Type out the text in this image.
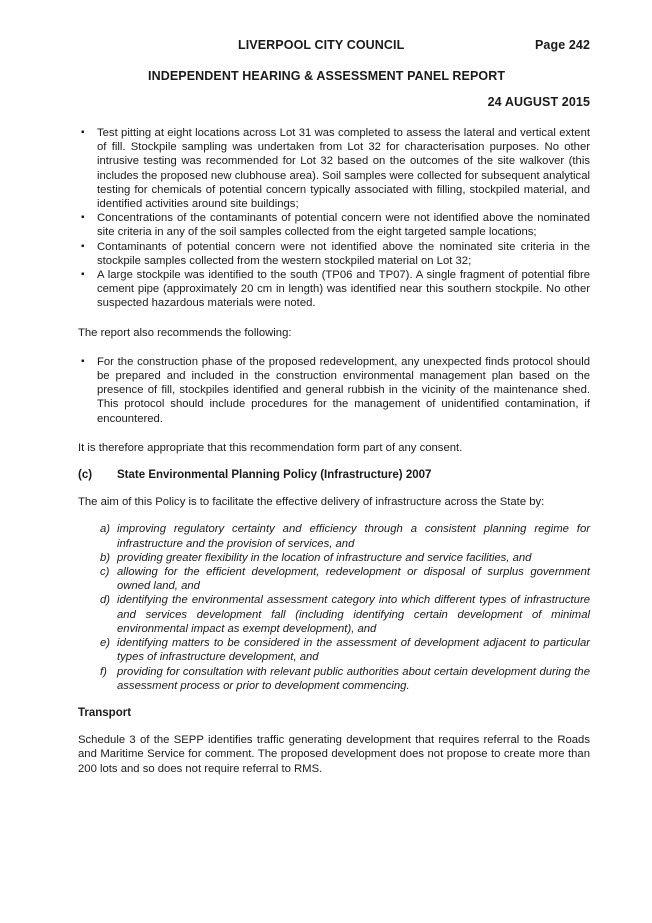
LIVERPOOL CITY COUNCIL	Page 242
INDEPENDENT HEARING & ASSESSMENT PANEL REPORT
24 AUGUST 2015
▪ Test pitting at eight locations across Lot 31 was completed to assess the lateral and vertical extent of fill. Stockpile sampling was undertaken from Lot 32 for characterisation purposes. No other intrusive testing was recommended for Lot 32 based on the outcomes of the site walkover (this includes the proposed new clubhouse area). Soil samples were collected for subsequent analytical testing for chemicals of potential concern typically associated with filling, stockpiled material, and identified activities around site buildings;
▪ Concentrations of the contaminants of potential concern were not identified above the nominated site criteria in any of the soil samples collected from the eight targeted sample locations;
▪ Contaminants of potential concern were not identified above the nominated site criteria in the stockpile samples collected from the western stockpiled material on Lot 32;
▪ A large stockpile was identified to the south (TP06 and TP07). A single fragment of potential fibre cement pipe (approximately 20 cm in length) was identified near this southern stockpile. No other suspected hazardous materials were noted.

The report also recommends the following:

▪ For the construction phase of the proposed redevelopment, any unexpected finds protocol should be prepared and included in the construction environmental management plan based on the presence of fill, stockpiles identified and general rubbish in the vicinity of the maintenance shed. This protocol should include procedures for the management of unidentified contamination, if encountered.

It is therefore appropriate that this recommendation form part of any consent.

(c)	State Environmental Planning Policy (Infrastructure) 2007

The aim of this Policy is to facilitate the effective delivery of infrastructure across the State by:

a) improving regulatory certainty and efficiency through a consistent planning regime for infrastructure and the provision of services, and
b) providing greater flexibility in the location of infrastructure and service facilities, and
c) allowing for the efficient development, redevelopment or disposal of surplus government owned land, and
d) identifying the environmental assessment category into which different types of infrastructure and services development fall (including identifying certain development of minimal environmental impact as exempt development), and
e) identifying matters to be considered in the assessment of development adjacent to particular types of infrastructure development, and
f) providing for consultation with relevant public authorities about certain development during the assessment process or prior to development commencing.
Transport

Schedule 3 of the SEPP identifies traffic generating development that requires referral to the Roads and Maritime Service for comment. The proposed development does not propose to create more than 200 lots and so does not require referral to RMS.
